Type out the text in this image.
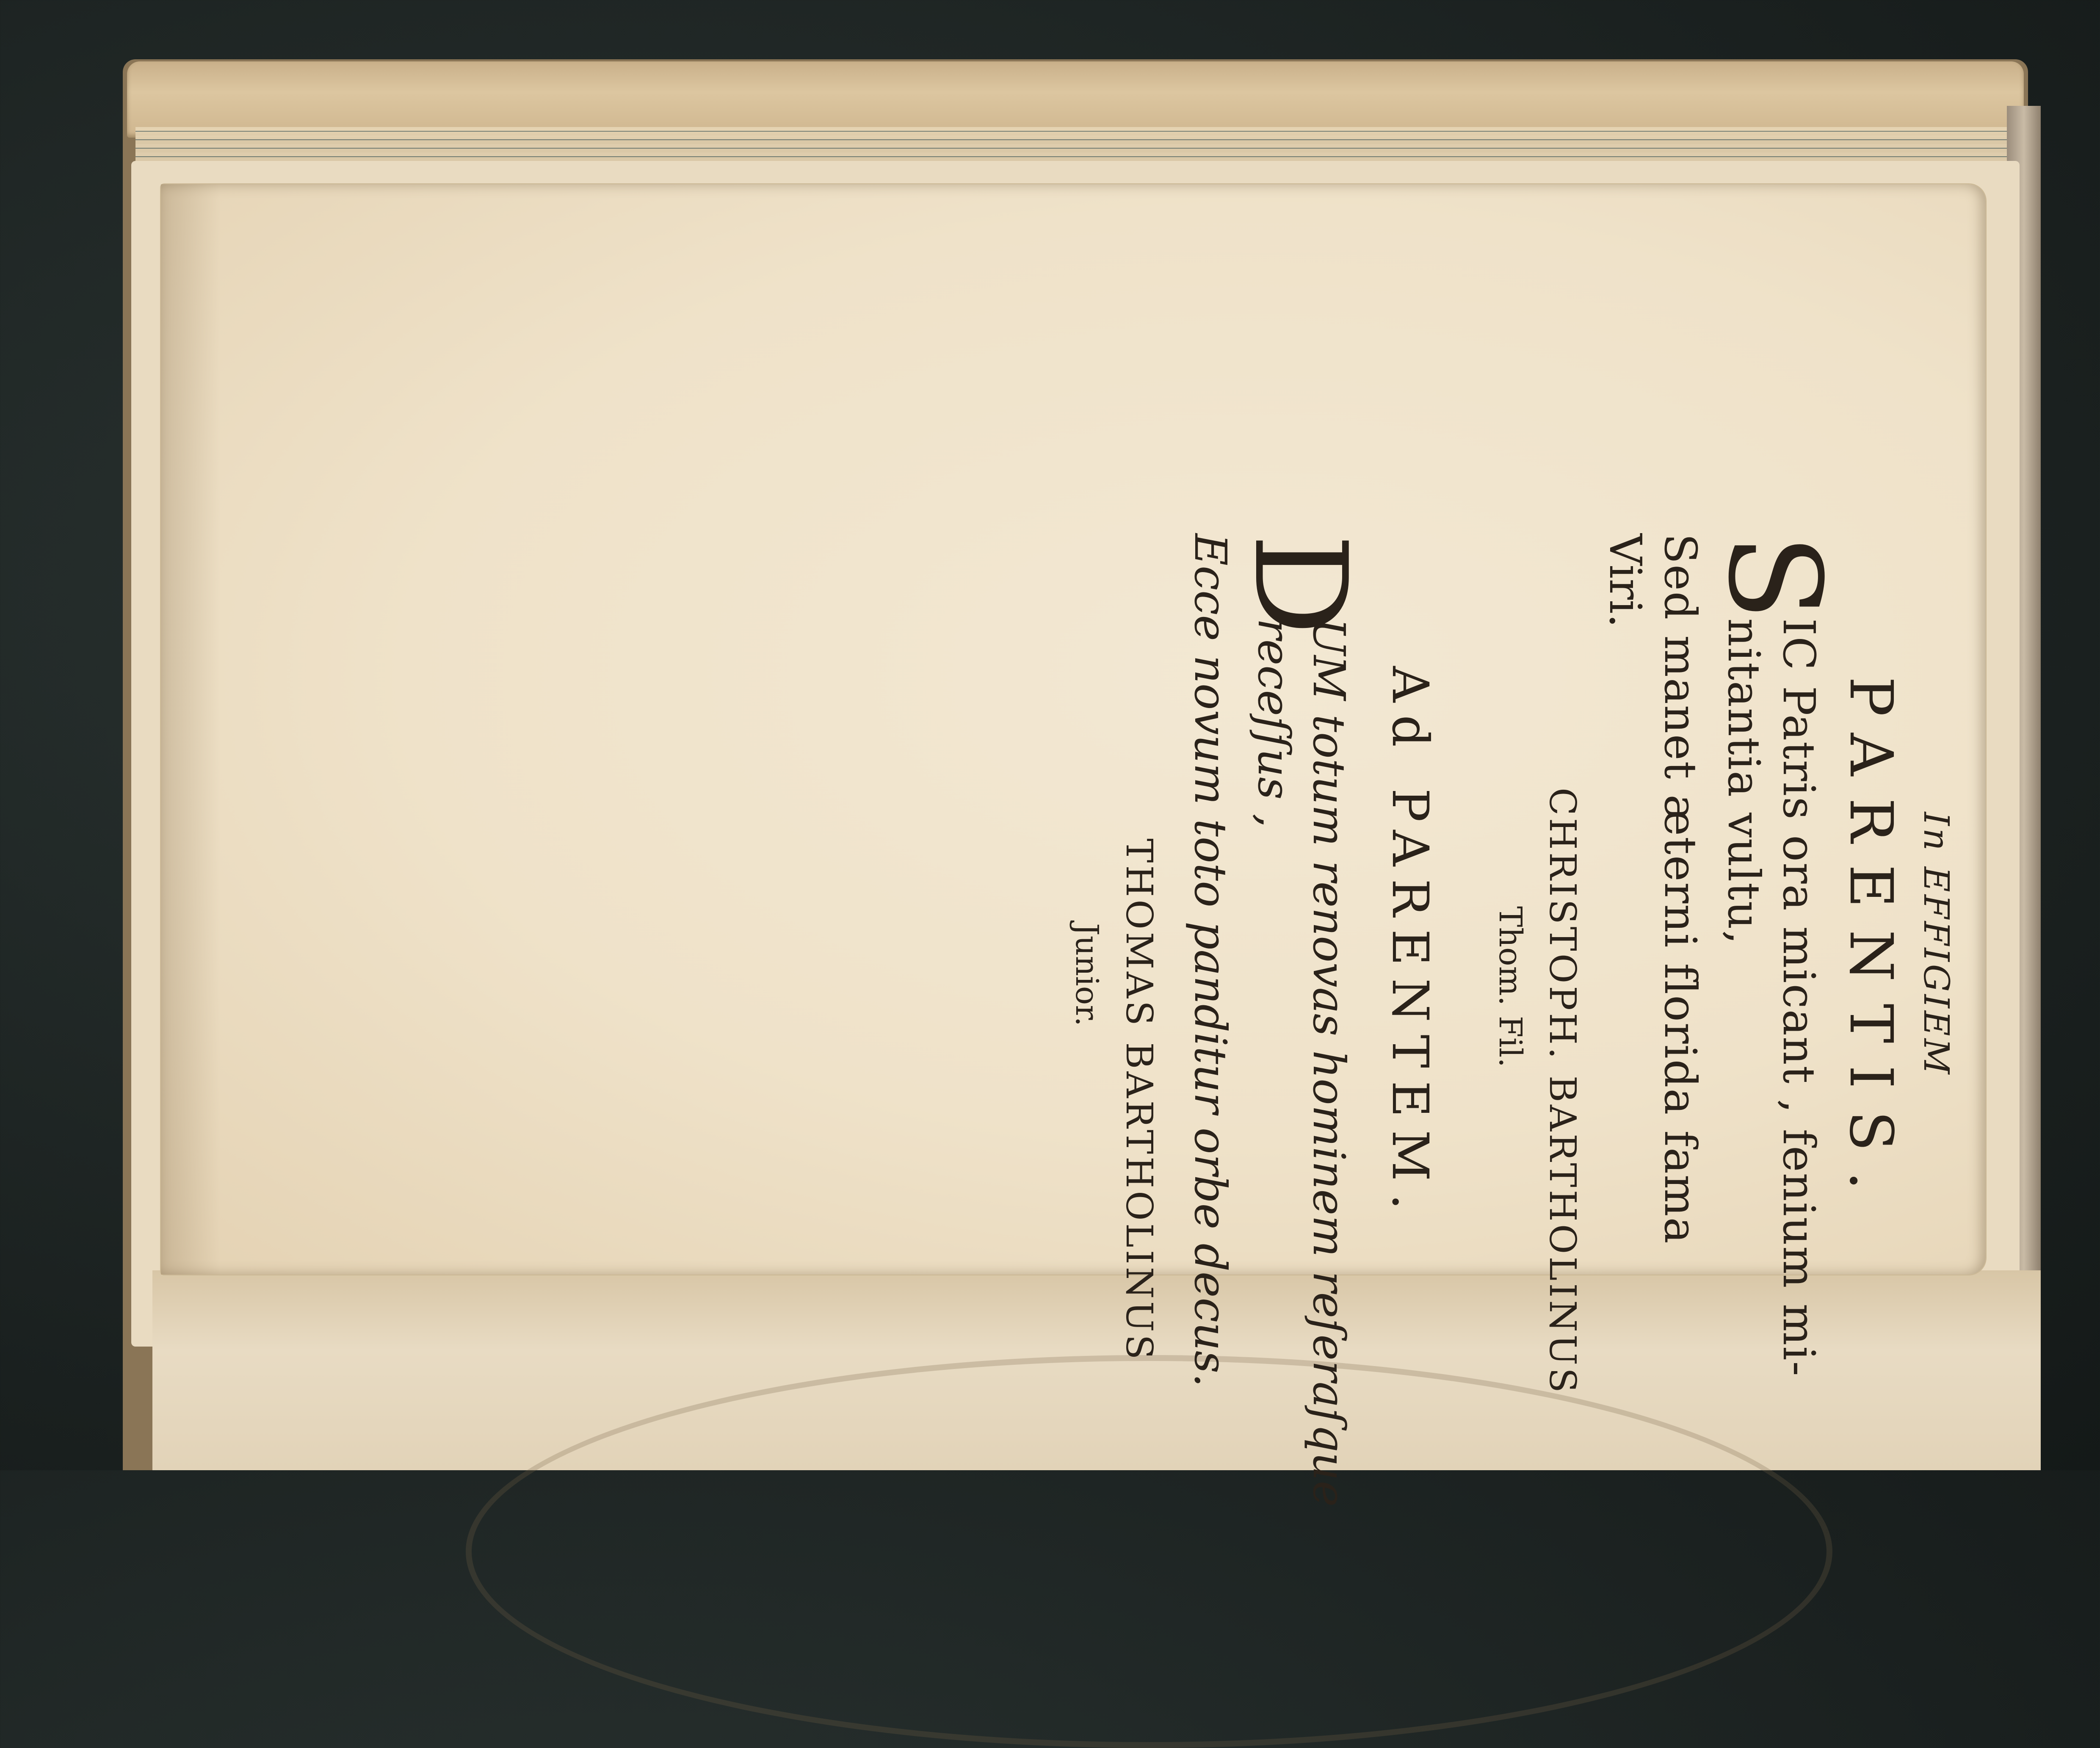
In EFFIGIEM
PARENTIS.
S
IC Patris ora micant , fenium mi-
nitantia vultu,
Sed manet æterni florida fama
Viri.
CHRISTOPH. BARTHOLINUS
Thom. Fil.
Ad PARENTEM.
D
UM totum renovas hominem reſeraſque
receſſus ,
Ecce novum toto panditur orbe decus.
THOMAS BARTHOLINUS
Junior.
